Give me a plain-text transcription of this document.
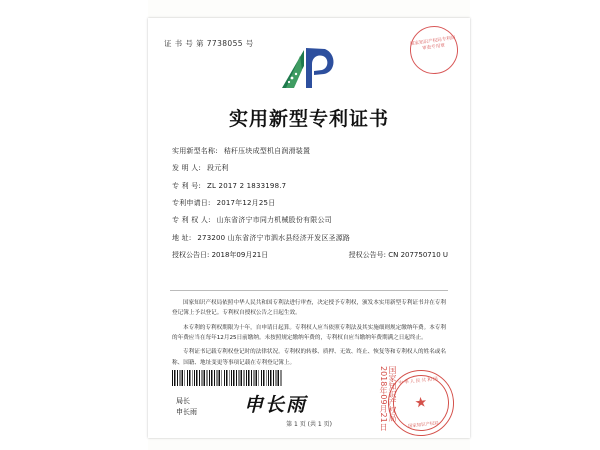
证 书 号 第 7738055 号	国家知识产权局专利局审查专用章
实用新型专利证书
实用新型名称: 秸秆压块成型机自润滑装置
发 明 人: 段元利
专 利 号: ZL 2017 2 1833198.7
专利申请日: 2017年12月25日
专 利 权 人: 山东省济宁市同力机械股份有限公司
地 址: 273200 山东省济宁市泗水县经济开发区圣源路
授权公告日: 2018年09月21日	授权公告号: CN 207750710 U

国家知识产权局依照中华人民共和国专利法进行审查，决定授予专利权，颁发本实用新型专利证书并在专利登记簿上予以登记。专利权自授权公告之日起生效。

本专利的专利权期限为十年，自申请日起算。专利权人应当依照专利法及其实施细则规定缴纳年费。本专利的年费应当在每年12月25日前缴纳。未按照规定缴纳年费的，专利权自应当缴纳年费期满之日起终止。

专利证书记载专利权登记时的法律状况。专利权的转移、质押、无效、终止、恢复等和专利权人的姓名或名称、国籍、地址变更等事项记载在专利登记簿上。

局长
申长雨 申长雨	国家知识产权局 2018年09月21日	中华人民共和国
★
国家知识产权局
第 1 页 (共 1 页)
